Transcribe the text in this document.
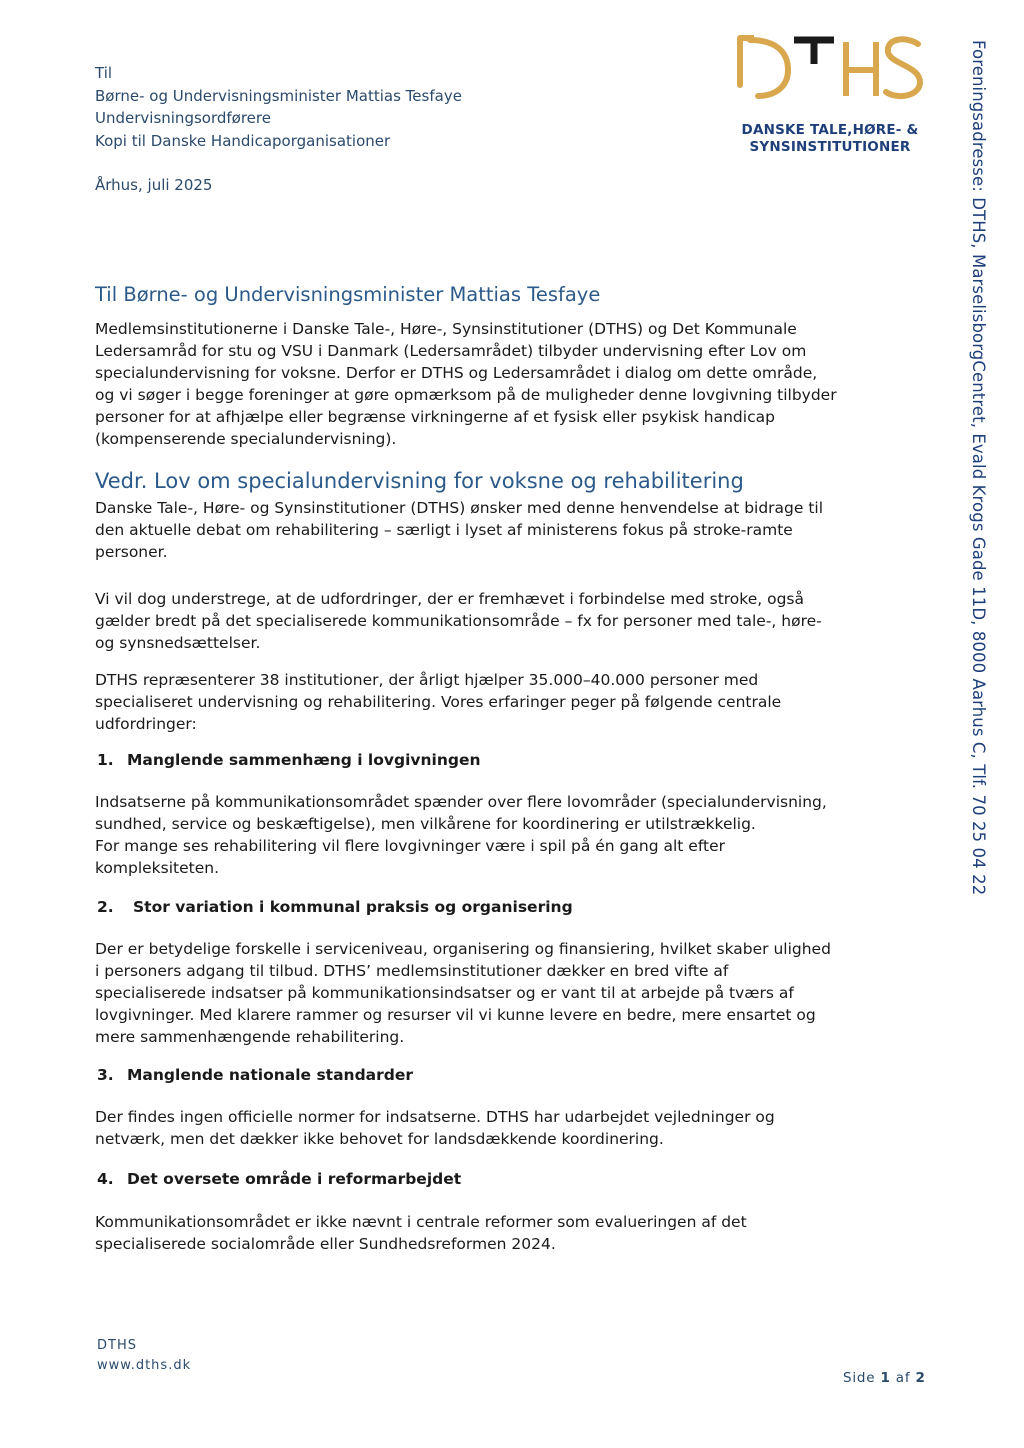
Til
Børne- og Undervisningsminister Mattias Tesfaye
Undervisningsordførere
Kopi til Danske Handicaporganisationer
Århus, juli 2025
DANSKE TALE,HØRE- &
SYNSINSTITUTIONER	Foreningsadresse: DTHS, MarselisborgCentret, Evald Krogs Gade 11D, 8000 Aarhus C, Tlf. 70 25 04 22
Til Børne- og Undervisningsminister Mattias Tesfaye
Medlemsinstitutionerne i Danske Tale-, Høre-, Synsinstitutioner (DTHS) og Det Kommunale
Ledersamråd for stu og VSU i Danmark (Ledersamrådet) tilbyder undervisning efter Lov om
specialundervisning for voksne. Derfor er DTHS og Ledersamrådet i dialog om dette område,
og vi søger i begge foreninger at gøre opmærksom på de muligheder denne lovgivning tilbyder
personer for at afhjælpe eller begrænse virkningerne af et fysisk eller psykisk handicap
(kompenserende specialundervisning).
Vedr. Lov om specialundervisning for voksne og rehabilitering
Danske Tale-, Høre- og Synsinstitutioner (DTHS) ønsker med denne henvendelse at bidrage til
den aktuelle debat om rehabilitering – særligt i lyset af ministerens fokus på stroke-ramte
personer.
Vi vil dog understrege, at de udfordringer, der er fremhævet i forbindelse med stroke, også
gælder bredt på det specialiserede kommunikationsområde – fx for personer med tale-, høre-
og synsnedsættelser.
DTHS repræsenterer 38 institutioner, der årligt hjælper 35.000–40.000 personer med
specialiseret undervisning og rehabilitering. Vores erfaringer peger på følgende centrale
udfordringer:
1. Manglende sammenhæng i lovgivningen
Indsatserne på kommunikationsområdet spænder over flere lovområder (specialundervisning,
sundhed, service og beskæftigelse), men vilkårene for koordinering er utilstrækkelig.
For mange ses rehabilitering vil flere lovgivninger være i spil på én gang alt efter
kompleksiteten.
2. Stor variation i kommunal praksis og organisering
Der er betydelige forskelle i serviceniveau, organisering og finansiering, hvilket skaber ulighed
i personers adgang til tilbud. DTHS’ medlemsinstitutioner dækker en bred vifte af
specialiserede indsatser på kommunikationsindsatser og er vant til at arbejde på tværs af
lovgivninger. Med klarere rammer og resurser vil vi kunne levere en bedre, mere ensartet og
mere sammenhængende rehabilitering.
3. Manglende nationale standarder
Der findes ingen officielle normer for indsatserne. DTHS har udarbejdet vejledninger og
netværk, men det dækker ikke behovet for landsdækkende koordinering.
4. Det oversete område i reformarbejdet
Kommunikationsområdet er ikke nævnt i centrale reformer som evalueringen af det
specialiserede socialområde eller Sundhedsreformen 2024.
DTHS
www.dths.dk
Side 1 af 2
